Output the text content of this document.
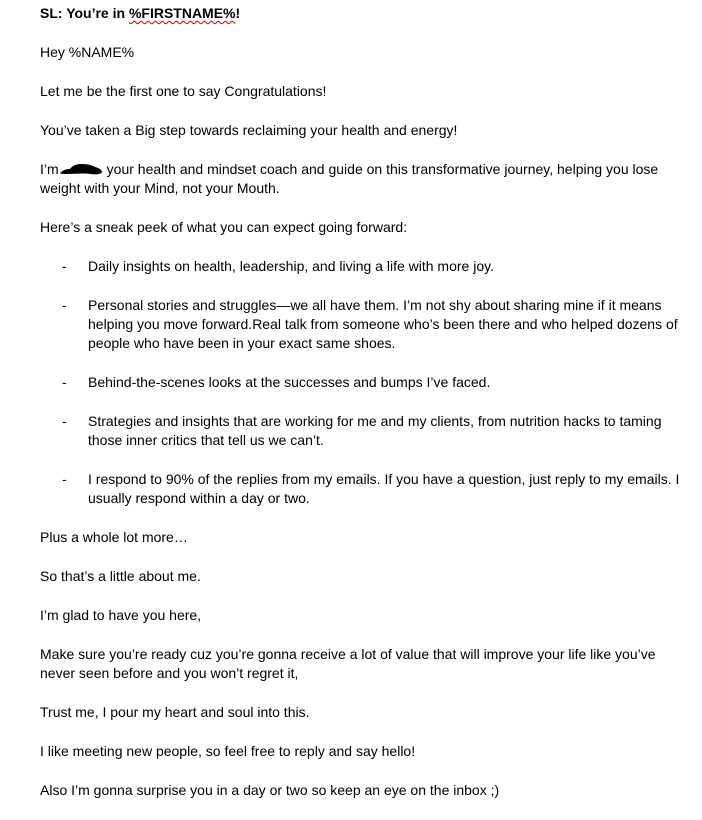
SL: You’re in %FIRSTNAME%!

Hey %NAME%

Let me be the first one to say Congratulations!

You’ve taken a Big step towards reclaiming your health and energy!

I’m	your health and mindset coach and guide on this transformative journey, helping you lose weight with your Mind, not your Mouth.

Here’s a sneak peek of what you can expect going forward:

- Daily insights on health, leadership, and living a life with more joy.
- Personal stories and struggles—we all have them. I’m not shy about sharing mine if it means helping you move forward.Real talk from someone who’s been there and who helped dozens of people who have been in your exact same shoes.
- Behind-the-scenes looks at the successes and bumps I’ve faced.
- Strategies and insights that are working for me and my clients, from nutrition hacks to taming those inner critics that tell us we can’t.
- I respond to 90% of the replies from my emails. If you have a question, just reply to my emails. I usually respond within a day or two.

Plus a whole lot more…

So that’s a little about me.

I’m glad to have you here,

Make sure you’re ready cuz you’re gonna receive a lot of value that will improve your life like you’ve never seen before and you won’t regret it,

Trust me, I pour my heart and soul into this.

I like meeting new people, so feel free to reply and say hello!

Also I’m gonna surprise you in a day or two so keep an eye on the inbox ;)
